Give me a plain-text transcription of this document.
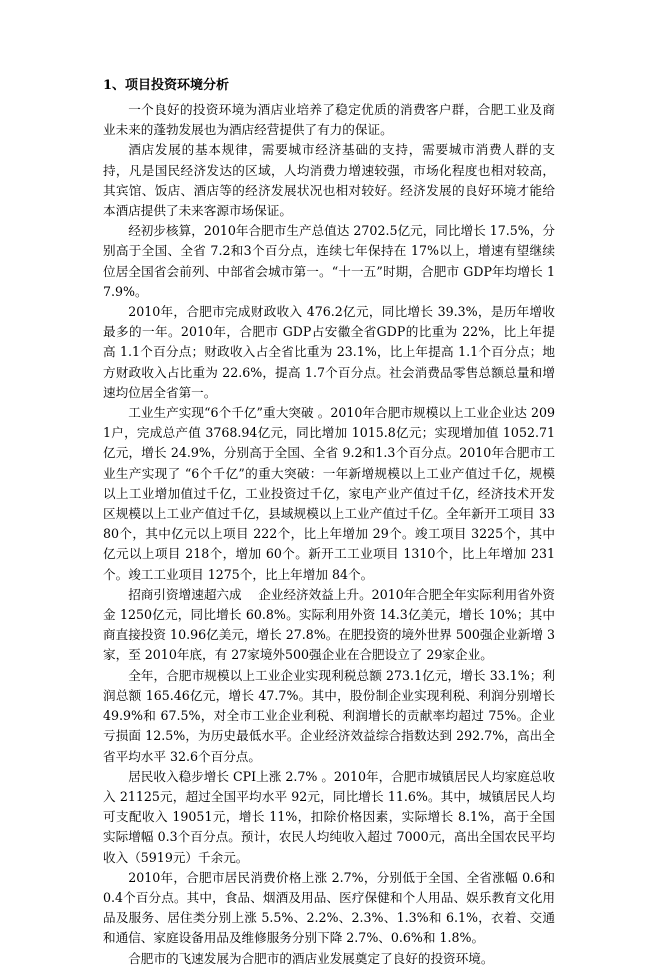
1、项目投资环境分析

一个良好的投资环境为酒店业培养了稳定优质的消费客户群，合肥工业及商业未来的蓬勃发展也为酒店经营提供了有力的保证。

酒店发展的基本规律，需要城市经济基础的支持，需要城市消费人群的支持，凡是国民经济发达的区域，人均消费力增速较强，市场化程度也相对较高，其宾馆、饭店、酒店等的经济发展状况也相对较好。经济发展的良好环境才能给本酒店提供了未来客源市场保证。

经初步核算，2010年合肥市生产总值达 2702.5亿元，同比增长 17.5%，分别高于全国、全省 7.2和3个百分点，连续七年保持在 17%以上，增速有望继续位居全国省会前列、中部省会城市第一。“十一五”时期，合肥市 GDP年均增长 17.9%。

2010年，合肥市完成财政收入 476.2亿元，同比增长 39.3%，是历年增收最多的一年。2010年，合肥市 GDP占安徽全省GDP的比重为 22%，比上年提高 1.1个百分点；财政收入占全省比重为 23.1%，比上年提高 1.1个百分点；地方财政收入占比重为 22.6%，提高 1.7个百分点。社会消费品零售总额总量和增速均位居全省第一。

工业生产实现“6个千亿”重大突破 。2010年合肥市规模以上工业企业达 2091户，完成总产值 3768.94亿元，同比增加 1015.8亿元；实现增加值 1052.71亿元，增长 24.9%，分别高于全国、全省 9.2和1.3个百分点。2010年合肥市工业生产实现了 “6个千亿”的重大突破：一年新增规模以上工业产值过千亿，规模以上工业增加值过千亿，工业投资过千亿，家电产业产值过千亿，经济技术开发区规模以上工业产值过千亿，县域规模以上工业产值过千亿。全年新开工项目 3380个，其中亿元以上项目 222个，比上年增加 29个。竣工项目 3225个，其中亿元以上项目 218个，增加 60个。新开工工业项目 1310个，比上年增加 231个。竣工工业项目 1275个，比上年增加 84个。

招商引资增速超六成　 企业经济效益上升。2010年合肥全年实际利用省外资金 1250亿元，同比增长 60.8%。实际利用外资 14.3亿美元，增长 10%；其中商直接投资 10.96亿美元，增长 27.8%。在肥投资的境外世界 500强企业新增 3家，至 2010年底，有 27家境外500强企业在合肥设立了 29家企业。

全年，合肥市规模以上工业企业实现利税总额 273.1亿元，增长 33.1%；利润总额 165.46亿元，增长 47.7%。其中，股份制企业实现利税、利润分别增长 49.9%和 67.5%，对全市工业企业利税、利润增长的贡献率均超过 75%。企业亏损面 12.5%，为历史最低水平。企业经济效益综合指数达到 292.7%，高出全省平均水平 32.6个百分点。

居民收入稳步增长 CPI上涨 2.7% 。2010年，合肥市城镇居民人均家庭总收入 21125元，超过全国平均水平 92元，同比增长 11.6%。其中，城镇居民人均可支配收入 19051元，增长 11%，扣除价格因素，实际增长 8.1%，高于全国实际增幅 0.3个百分点。预计，农民人均纯收入超过 7000元，高出全国农民平均收入（5919元）千余元。

2010年，合肥市居民消费价格上涨 2.7%，分别低于全国、全省涨幅 0.6和 0.4个百分点。其中，食品、烟酒及用品、医疗保健和个人用品、娱乐教育文化用品及服务、居住类分别上涨 5.5%、2.2%、2.3%、1.3%和 6.1%，衣着、交通和通信、家庭设备用品及维修服务分别下降 2.7%、0.6%和 1.8%。

合肥市的飞速发展为合肥市的酒店业发展奠定了良好的投资环境。
